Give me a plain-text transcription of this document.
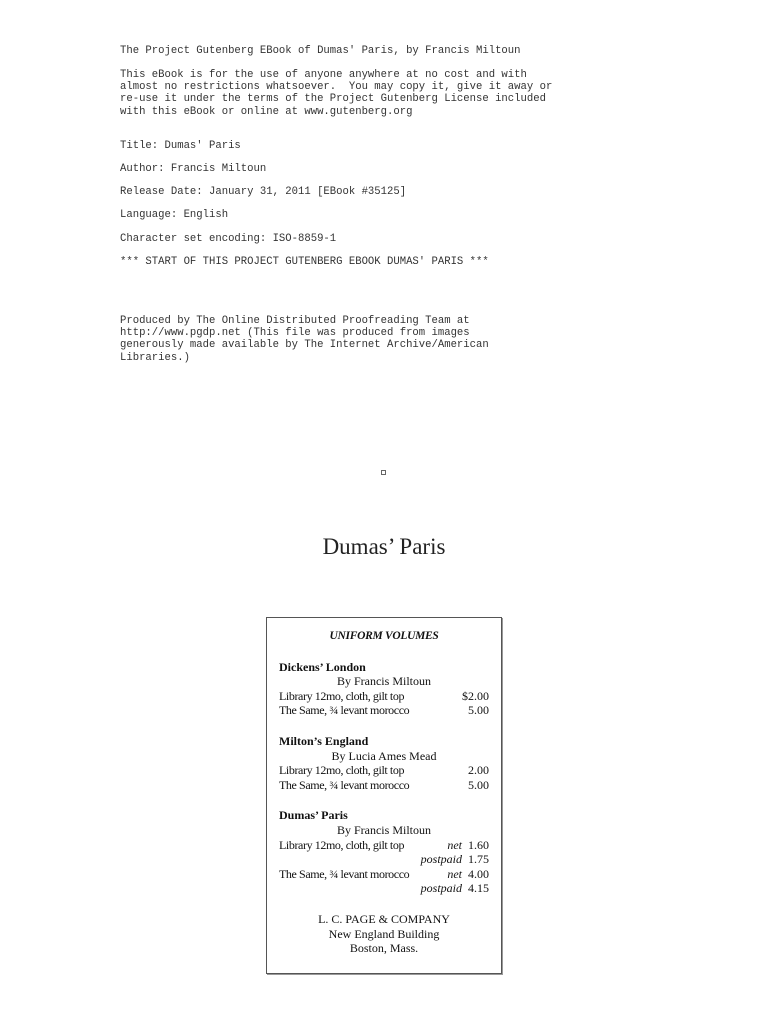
The Project Gutenberg EBook of Dumas' Paris, by Francis Miltoun
This eBook is for the use of anyone anywhere at no cost and with
almost no restrictions whatsoever.  You may copy it, give it away or
re-use it under the terms of the Project Gutenberg License included
with this eBook or online at www.gutenberg.org
Title: Dumas' Paris
Author: Francis Miltoun
Release Date: January 31, 2011 [EBook #35125]
Language: English
Character set encoding: ISO-8859-1
*** START OF THIS PROJECT GUTENBERG EBOOK DUMAS' PARIS ***
Produced by The Online Distributed Proofreading Team at
http://www.pgdp.net (This file was produced from images
generously made available by The Internet Archive/American
Libraries.)
Dumas’ Paris
UNIFORM VOLUMES
Dickens’ London
By Francis Miltoun
Library 12mo, cloth, gilt top	$2.00
The Same, ¾ levant morocco	5.00
Milton’s England
By Lucia Ames Mead
Library 12mo, cloth, gilt top	2.00
The Same, ¾ levant morocco	5.00
Dumas’ Paris
By Francis Miltoun
Library 12mo, cloth, gilt top	net 1.60
postpaid 1.75
The Same, ¾ levant morocco	net 4.00
postpaid 4.15
L. C. PAGE & COMPANY
New England Building
Boston, Mass.
